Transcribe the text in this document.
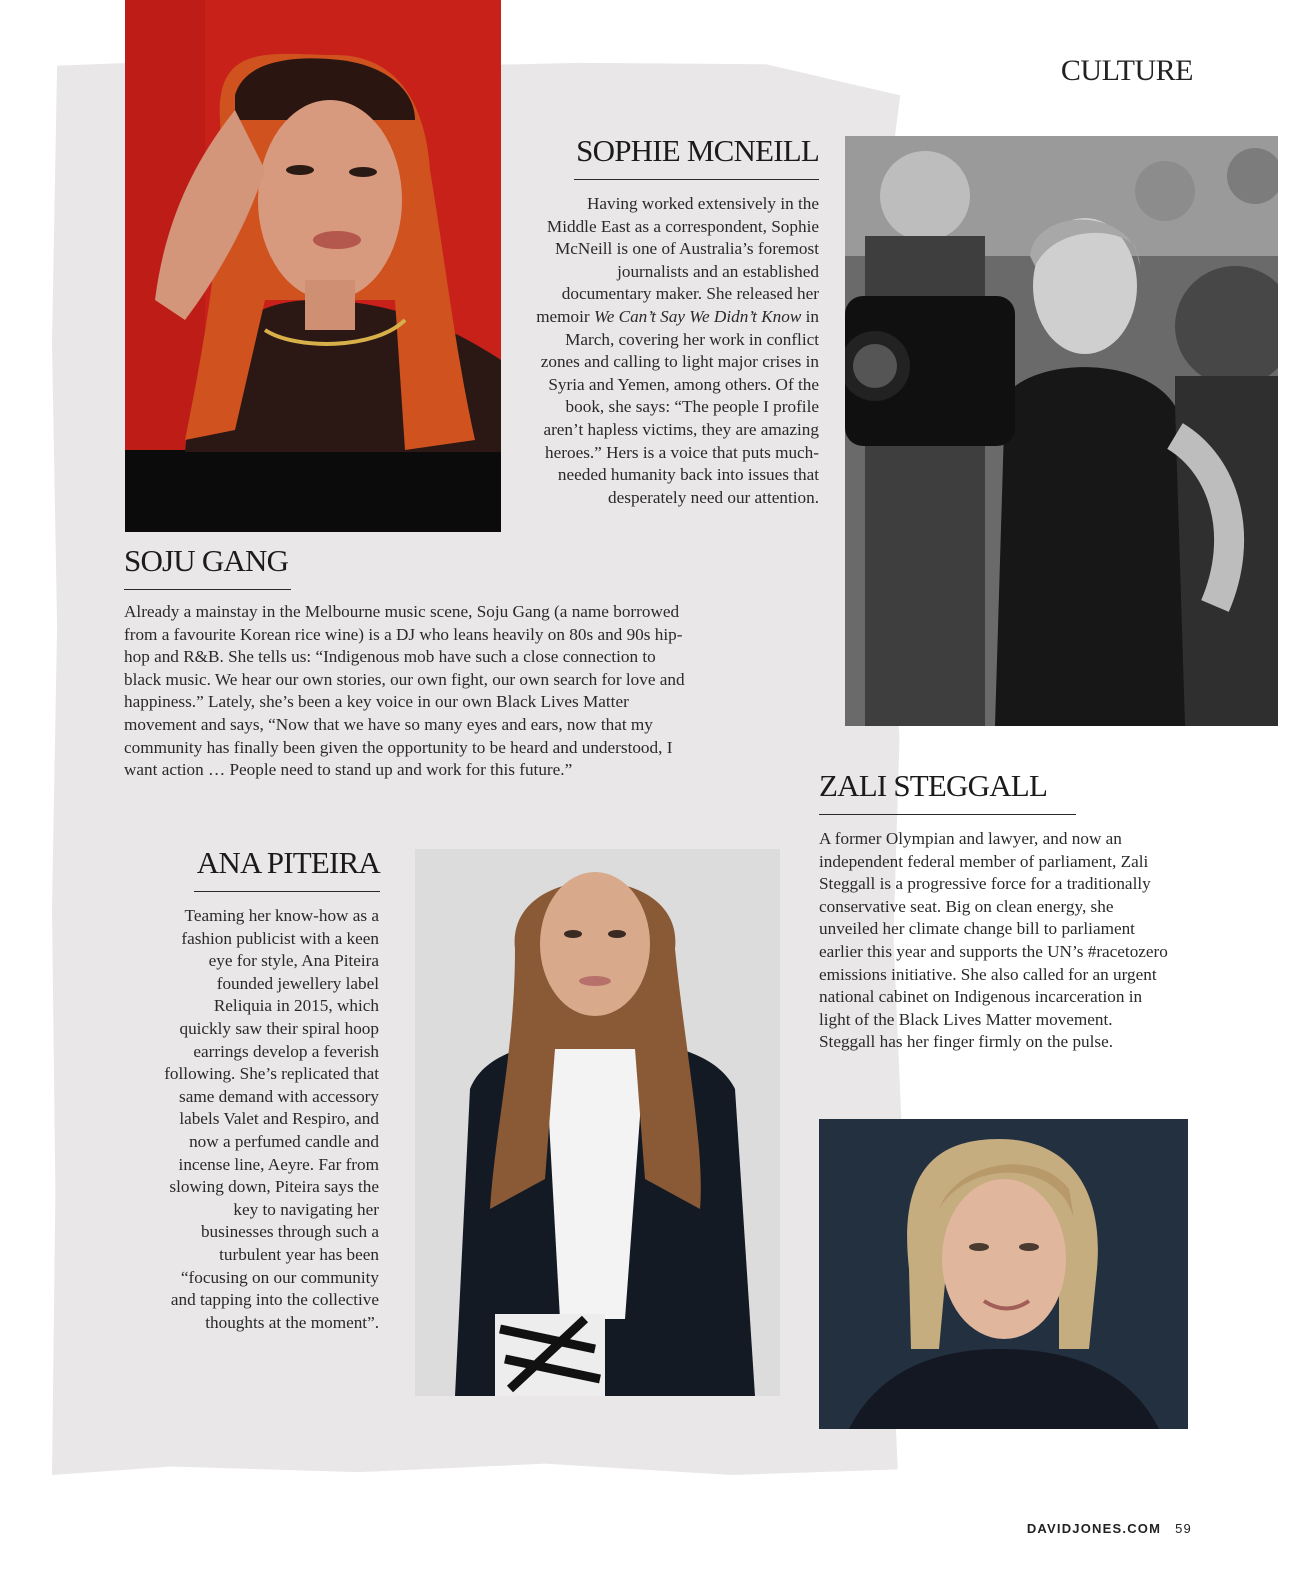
CULTURE
SOPHIE MCNEILL

Having worked extensively in the Middle East as a correspondent, Sophie McNeill is one of Australia’s foremost journalists and an established documentary maker. She released her memoir We Can’t Say We Didn’t Know in March, covering her work in conflict zones and calling to light major crises in Syria and Yemen, among others. Of the book, she says: “The people I profile aren’t hapless victims, they are amazing heroes.” Hers is a voice that puts much-needed humanity back into issues that desperately need our attention.

SOJU GANG

Already a mainstay in the Melbourne music scene, Soju Gang (a name borrowed from a favourite Korean rice wine) is a DJ who leans heavily on 80s and 90s hip-hop and R&B. She tells us: “Indigenous mob have such a close connection to black music. We hear our own stories, our own fight, our own search for love and happiness.” Lately, she’s been a key voice in our own Black Lives Matter movement and says, “Now that we have so many eyes and ears, now that my community has finally been given the opportunity to be heard and understood, I want action … People need to stand up and work for this future.”	ZALI STEGGALL

A former Olympian and lawyer, and now an independent federal member of parliament, Zali Steggall is a progressive force for a traditionally conservative seat. Big on clean energy, she unveiled her climate change bill to parliament earlier this year and supports the UN’s #racetozero emissions initiative. She also called for an urgent national cabinet on Indigenous incarceration in light of the Black Lives Matter movement. Steggall has her finger firmly on the pulse.

ANA PITEIRA

Teaming her know-how as a fashion publicist with a keen eye for style, Ana Piteira founded jewellery label Reliquia in 2015, which quickly saw their spiral hoop earrings develop a feverish following. She’s replicated that same demand with accessory labels Valet and Respiro, and now a perfumed candle and incense line, Aeyre. Far from slowing down, Piteira says the key to navigating her businesses through such a turbulent year has been “focusing on our community and tapping into the collective thoughts at the moment”.

DAVIDJONES.COM 59
